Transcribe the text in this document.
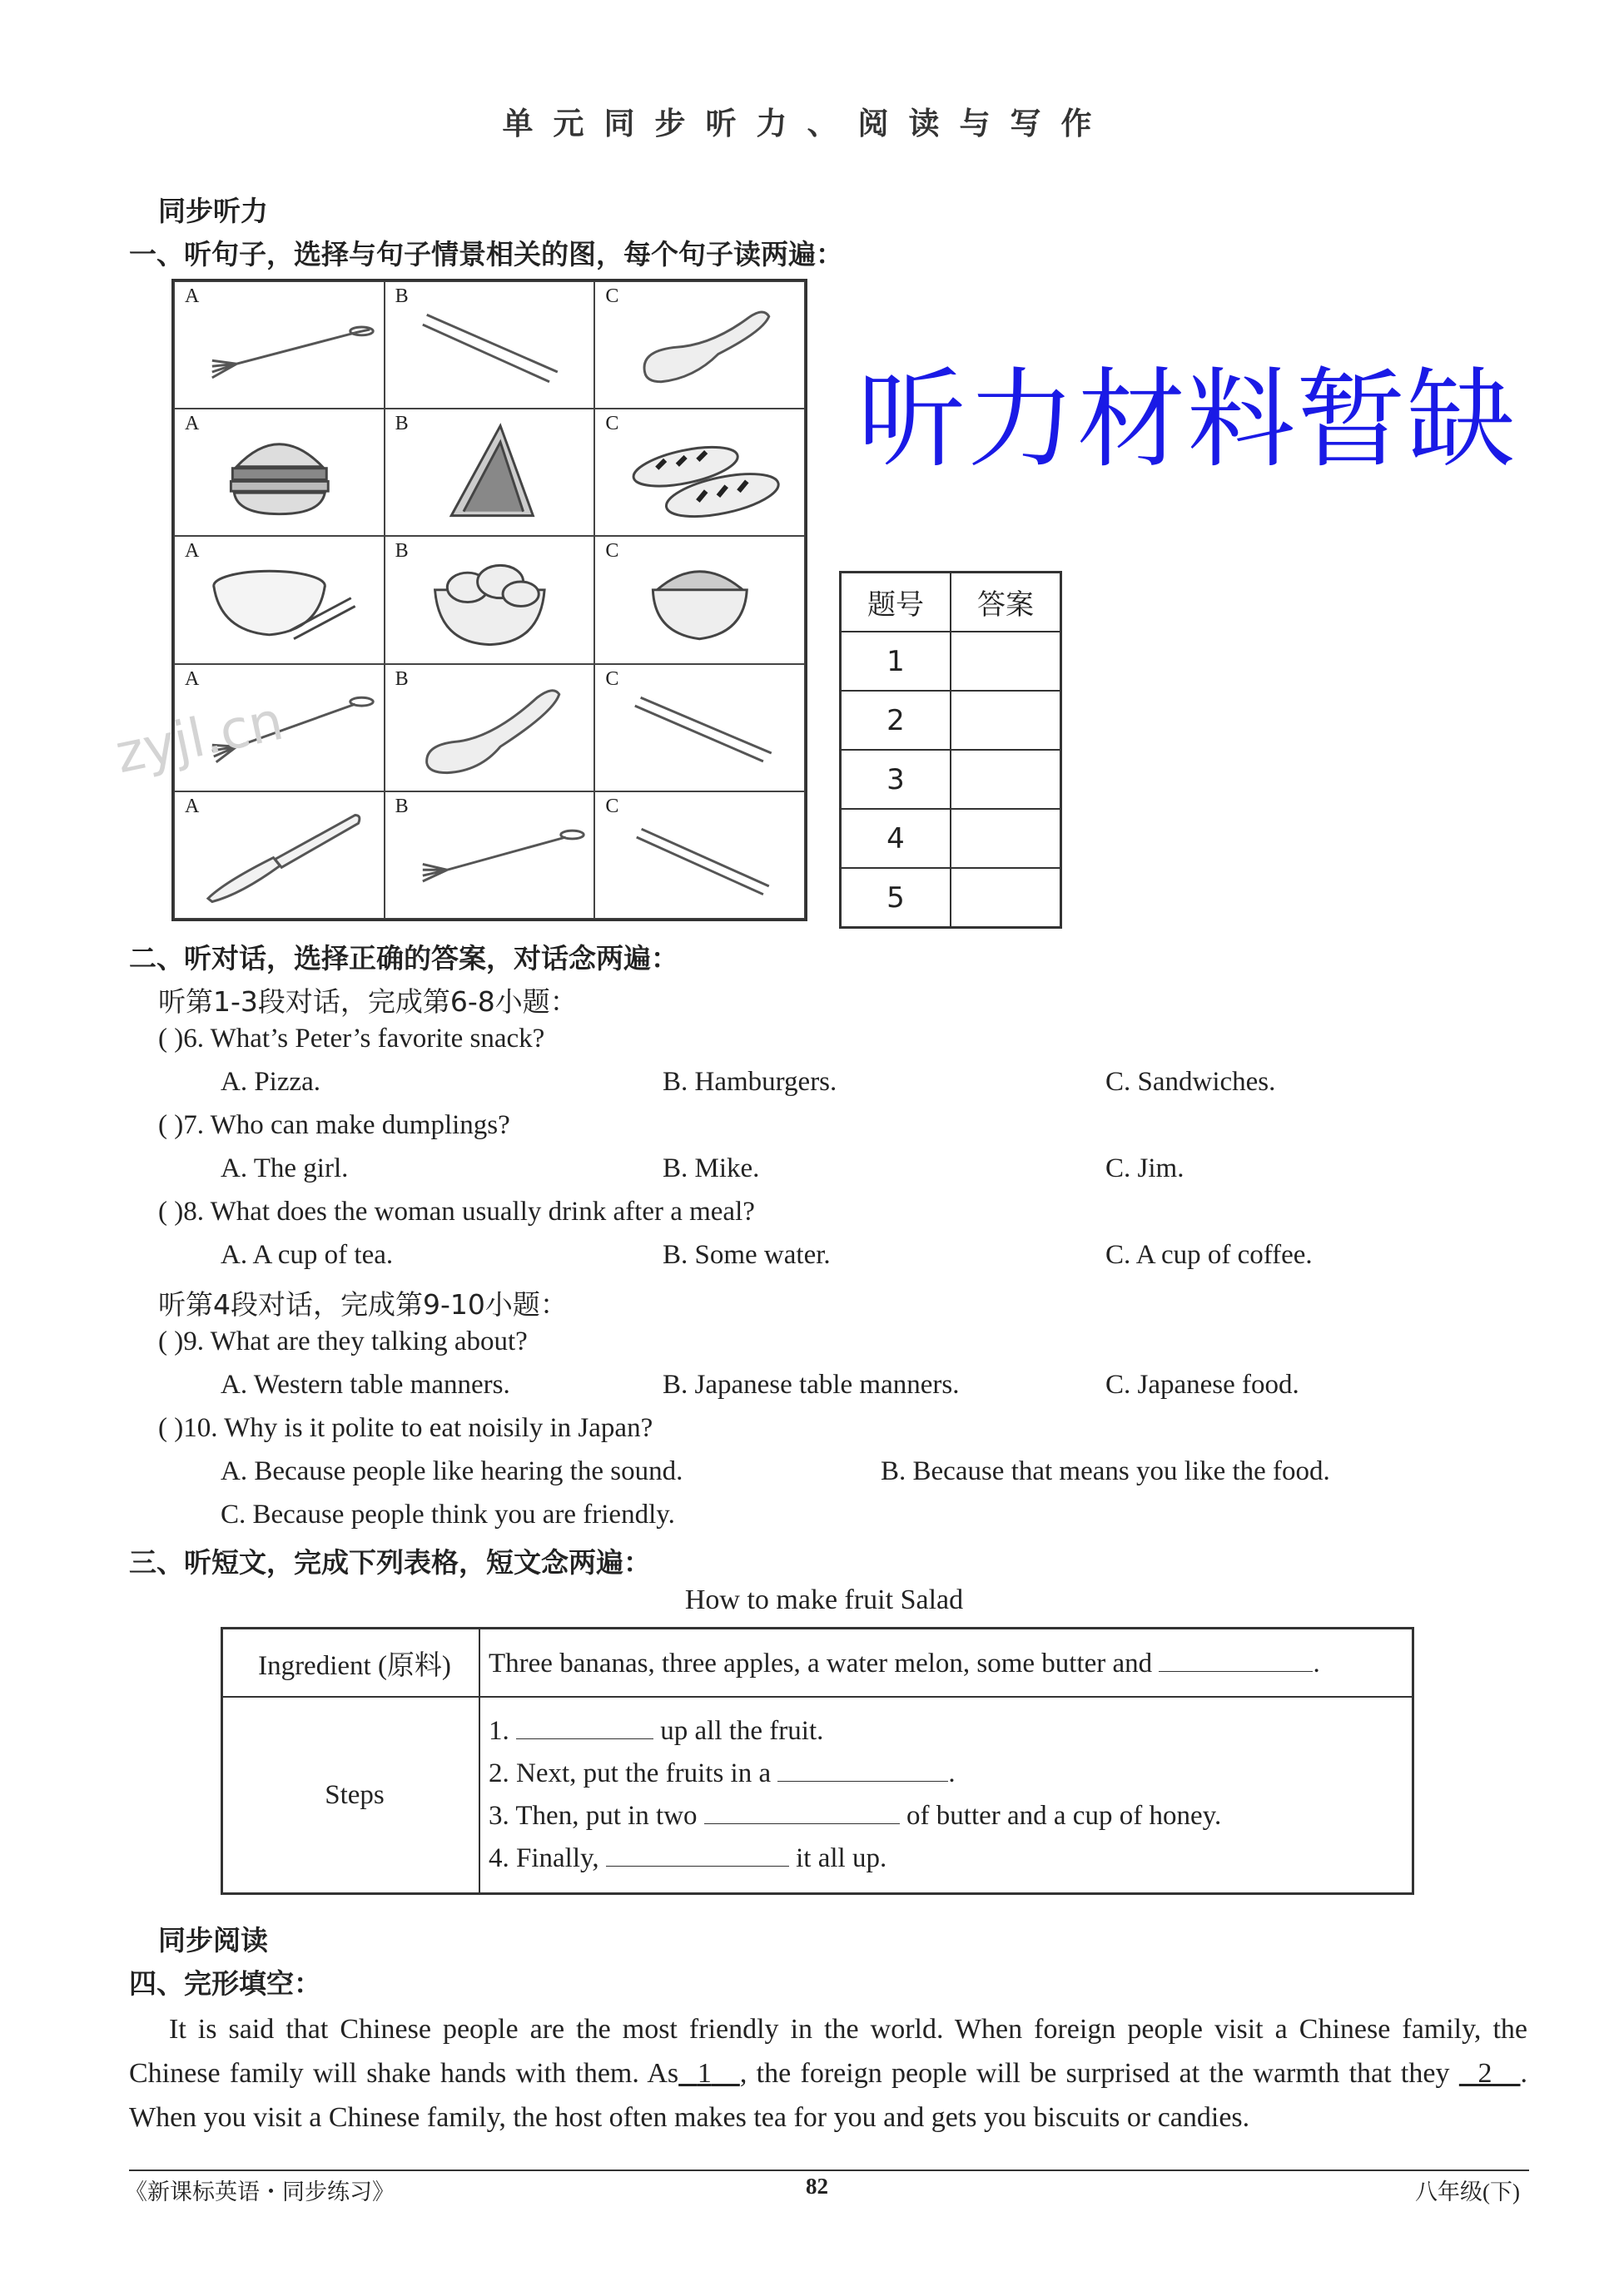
单元同步听力、阅读与写作
同步听力
一、听句子，选择与句子情景相关的图，每个句子读两遍：
A	B	C
A	B	C
A	B	C
A	B	C
A	B	C
zyjl.cn
听力材料暂缺
题号	答案
1	
2	
3	
4	
5	
二、听对话，选择正确的答案，对话念两遍：
听第1-3段对话，完成第6-8小题：
( )6. What’s Peter’s favorite snack?
A. Pizza.	B. Hamburgers.	C. Sandwiches.
( )7. Who can make dumplings?
A. The girl.	B. Mike.	C. Jim.
( )8. What does the woman usually drink after a meal?
A. A cup of tea.	B. Some water.	C. A cup of coffee.
听第4段对话，完成第9-10小题：
( )9. What are they talking about?
A. Western table manners.	B. Japanese table manners.	C. Japanese food.
( )10. Why is it polite to eat noisily in Japan?
A. Because people like hearing the sound.	B. Because that means you like the food.
C. Because people think you are friendly.
三、听短文，完成下列表格，短文念两遍：
How to make fruit Salad
Ingredient (原料)	Three bananas, three apples, a water melon, some butter and .
Steps	1. up all the fruit.
2. Next, put the fruits in a .
3. Then, put in two of butter and a cup of honey.
4. Finally, it all up.
同步阅读
四、完形填空：
It is said that Chinese people are the most friendly in the world. When foreign people visit a Chinese family, the Chinese family will shake hands with them. As 1 , the foreign people will be surprised at the warmth that they 2 . When you visit a Chinese family, the host often makes tea for you and gets you biscuits or candies.
《新课标英语・同步练习》	82	八年级(下)
